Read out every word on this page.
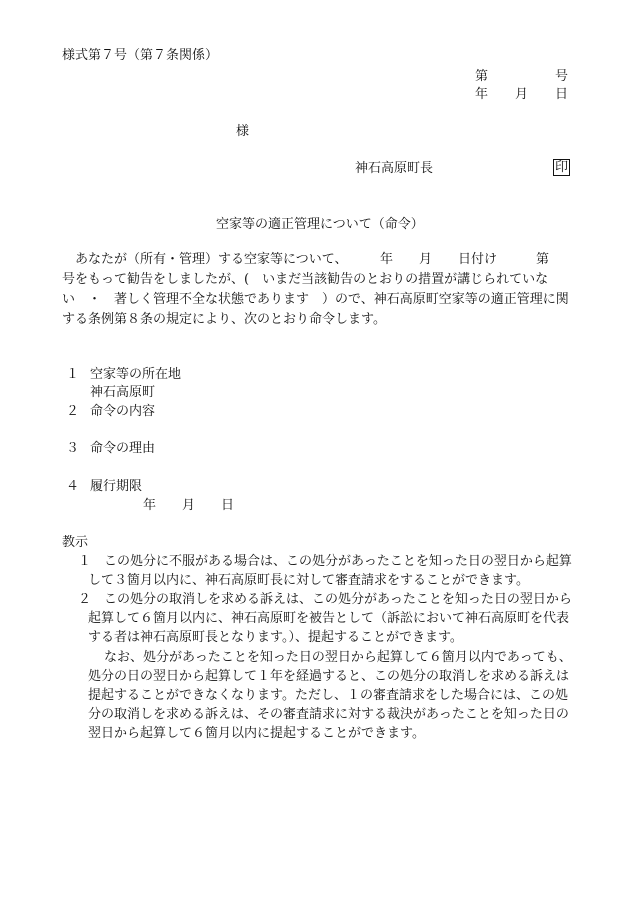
様式第７号（第７条関係）
第	号
年 月 日
様
神石高原町長	印
空家等の適正管理について（命令）
　あなたが（所有・管理）する空家等について、　　　年　　月　　日付け　　　第
号をもって勧告をしましたが、(　いまだ当該勧告のとおりの措置が講じられていな
い　・　著しく管理不全な状態であります　）ので、神石高原町空家等の適正管理に関
する条例第８条の規定により、次のとおり命令します。
１ 空家等の所在地
神石高原町
２ 命令の内容
３ 命令の理由
４ 履行期限
年　　月　　日
教示
１　この処分に不服がある場合は、この処分があったことを知った日の翌日から起算
して３箇月以内に、神石高原町長に対して審査請求をすることができます。
２　この処分の取消しを求める訴えは、この処分があったことを知った日の翌日から
起算して６箇月以内に、神石高原町を被告として（訴訟において神石高原町を代表
する者は神石高原町長となります。）、提起することができます。
なお、処分があったことを知った日の翌日から起算して６箇月以内であっても、
処分の日の翌日から起算して１年を経過すると、この処分の取消しを求める訴えは
提起することができなくなります。ただし、１の審査請求をした場合には、この処
分の取消しを求める訴えは、その審査請求に対する裁決があったことを知った日の
翌日から起算して６箇月以内に提起することができます。
